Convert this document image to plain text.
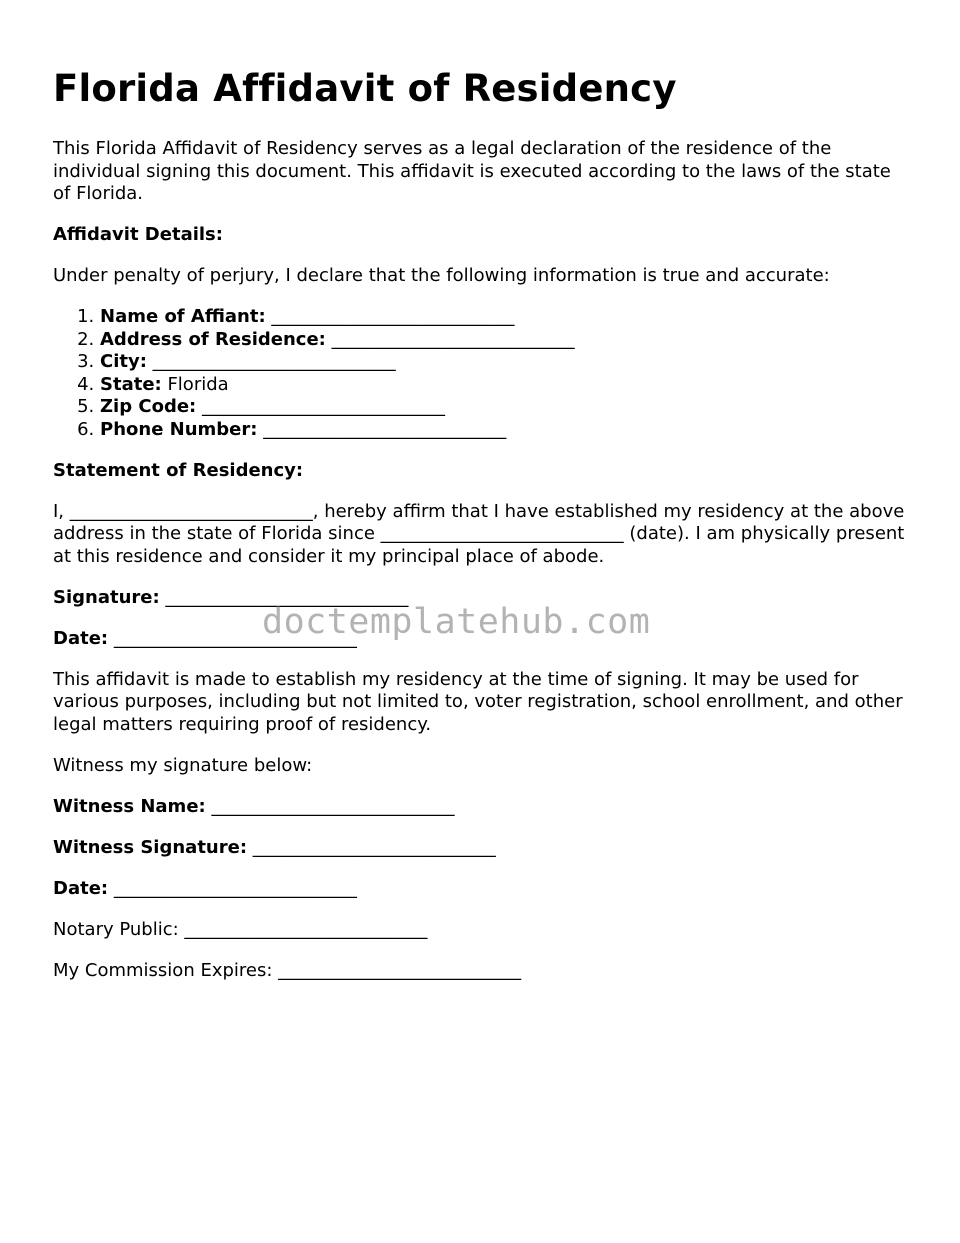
Florida Affidavit of Residency

This Florida Affidavit of Residency serves as a legal declaration of the residence of the individual signing this document. This affidavit is executed according to the laws of the state of Florida.

Affidavit Details:

Under penalty of perjury, I declare that the following information is true and accurate:

1. Name of Affiant: ___________________________
2. Address of Residence: ___________________________
3. City: ___________________________
4. State: Florida
5. Zip Code: ___________________________
6. Phone Number: ___________________________

Statement of Residency:

I, ___________________________, hereby affirm that I have established my residency at the above address in the state of Florida since ___________________________ (date). I am physically present at this residence and consider it my principal place of abode.

Signature: ___________________________

Date: ___________________________

This affidavit is made to establish my residency at the time of signing. It may be used for various purposes, including but not limited to, voter registration, school enrollment, and other legal matters requiring proof of residency.

Witness my signature below:

Witness Name: ___________________________

Witness Signature: ___________________________

Date: ___________________________

Notary Public: ___________________________

My Commission Expires: ___________________________

doctemplatehub.com
